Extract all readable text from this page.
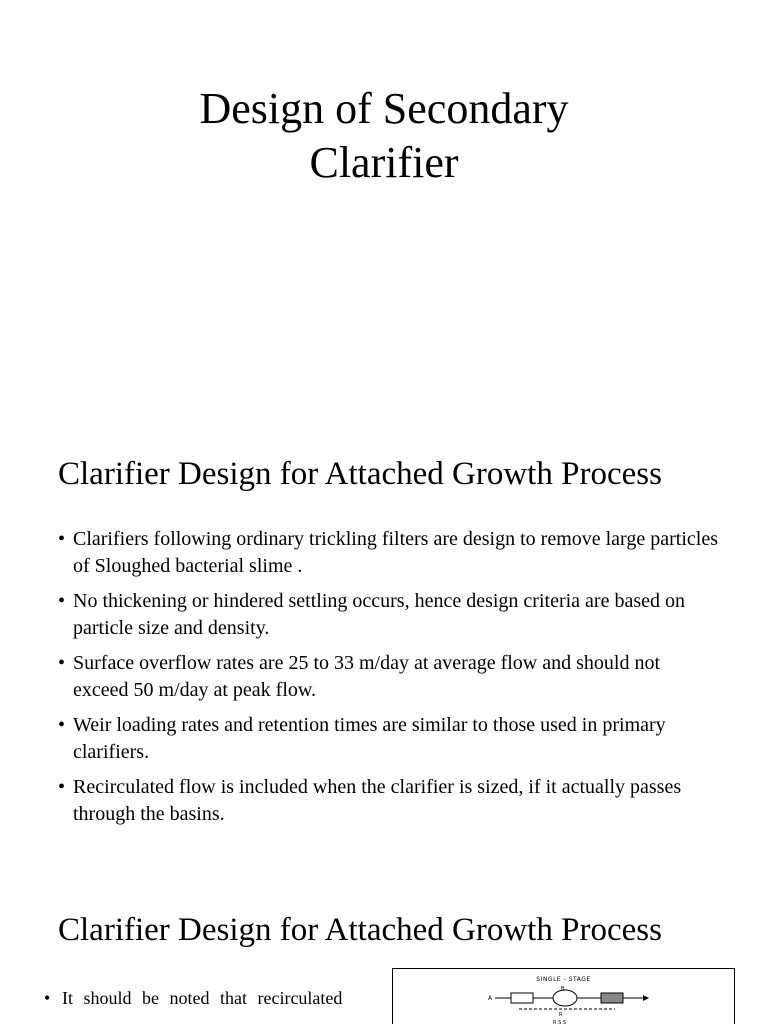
Design of Secondary
Clarifier
Clarifier Design for Attached Growth Process
• Clarifiers following ordinary trickling filters are design to remove large particles of Sloughed bacterial slime .
• No thickening or hindered settling occurs, hence design criteria are based on particle size and density.
• Surface overflow rates are 25 to 33 m/day at average flow and should not exceed 50 m/day at peak flow.
• Weir loading rates and retention times are similar to those used in primary clarifiers.
• Recirculated flow is included when the clarifier is sized, if it actually passes through the basins.
Clarifier Design for Attached Growth Process
• It should be noted that recirculated
SINGLE - STAGE
A
B
R
R S S
